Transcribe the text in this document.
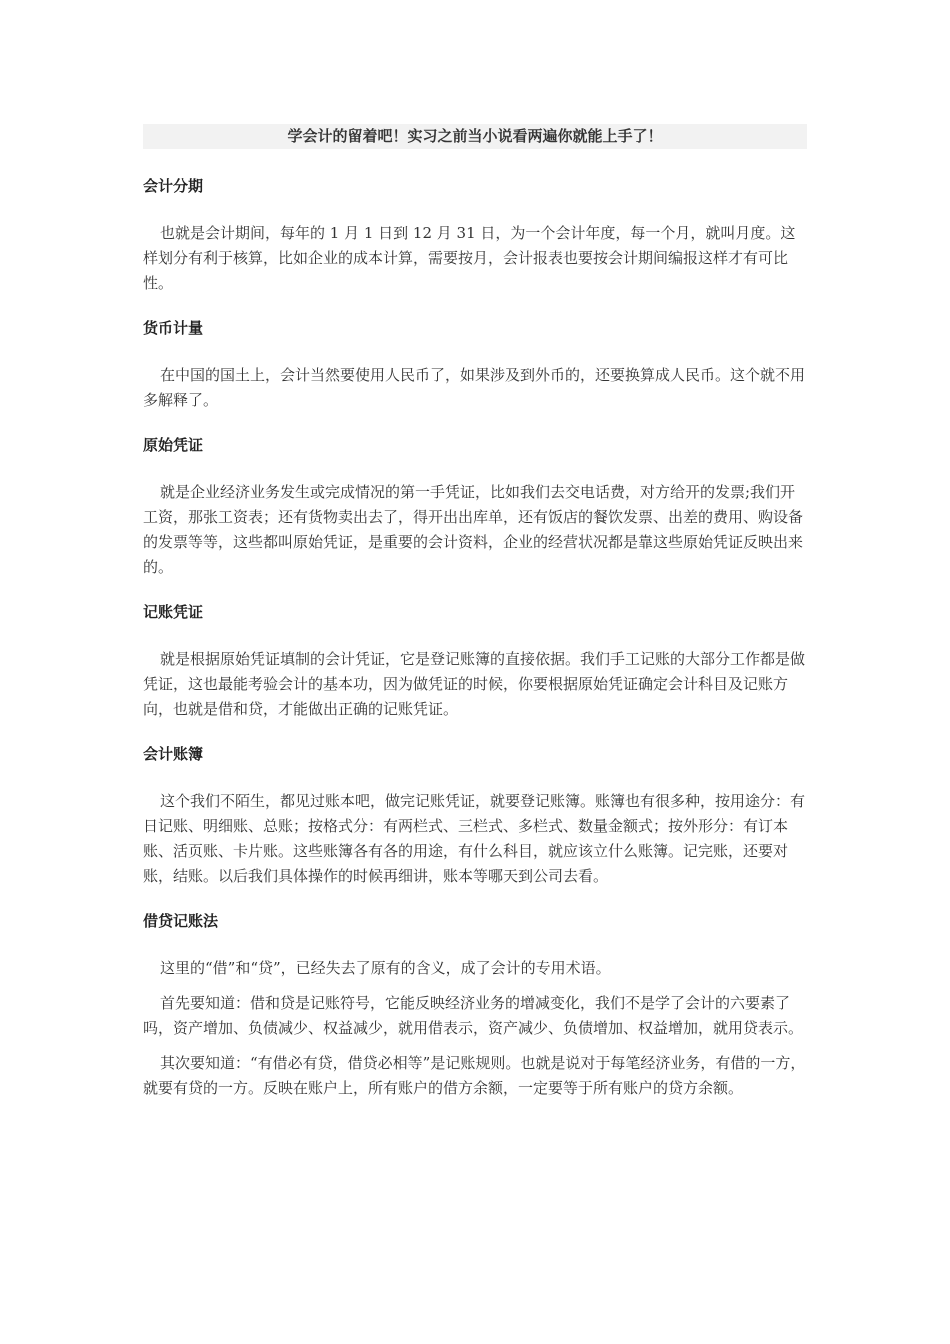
学会计的留着吧！实习之前当小说看两遍你就能上手了！
会计分期

也就是会计期间，每年的 1 月 1 日到 12 月 31 日，为一个会计年度，每一个月，就叫月度。这样划分有利于核算，比如企业的成本计算，需要按月，会计报表也要按会计期间编报这样才有可比性。

货币计量

在中国的国土上，会计当然要使用人民币了，如果涉及到外币的，还要换算成人民币。这个就不用多解释了。

原始凭证

就是企业经济业务发生或完成情况的第一手凭证，比如我们去交电话费，对方给开的发票;我们开工资，那张工资表；还有货物卖出去了，得开出出库单，还有饭店的餐饮发票、出差的费用、购设备的发票等等，这些都叫原始凭证，是重要的会计资料，企业的经营状况都是靠这些原始凭证反映出来的。

记账凭证

就是根据原始凭证填制的会计凭证，它是登记账簿的直接依据。我们手工记账的大部分工作都是做凭证，这也最能考验会计的基本功，因为做凭证的时候，你要根据原始凭证确定会计科目及记账方向，也就是借和贷，才能做出正确的记账凭证。

会计账簿

这个我们不陌生，都见过账本吧，做完记账凭证，就要登记账簿。账簿也有很多种，按用途分：有日记账、明细账、总账；按格式分：有两栏式、三栏式、多栏式、数量金额式；按外形分：有订本账、活页账、卡片账。这些账簿各有各的用途，有什么科目，就应该立什么账簿。记完账，还要对账，结账。以后我们具体操作的时候再细讲，账本等哪天到公司去看。

借贷记账法

这里的“借”和“贷”，已经失去了原有的含义，成了会计的专用术语。

首先要知道：借和贷是记账符号，它能反映经济业务的增减变化，我们不是学了会计的六要素了吗，资产增加、负债减少、权益减少，就用借表示，资产减少、负债增加、权益增加，就用贷表示。

其次要知道：“有借必有贷，借贷必相等”是记账规则。也就是说对于每笔经济业务，有借的一方，就要有贷的一方。反映在账户上，所有账户的借方余额，一定要等于所有账户的贷方余额。
